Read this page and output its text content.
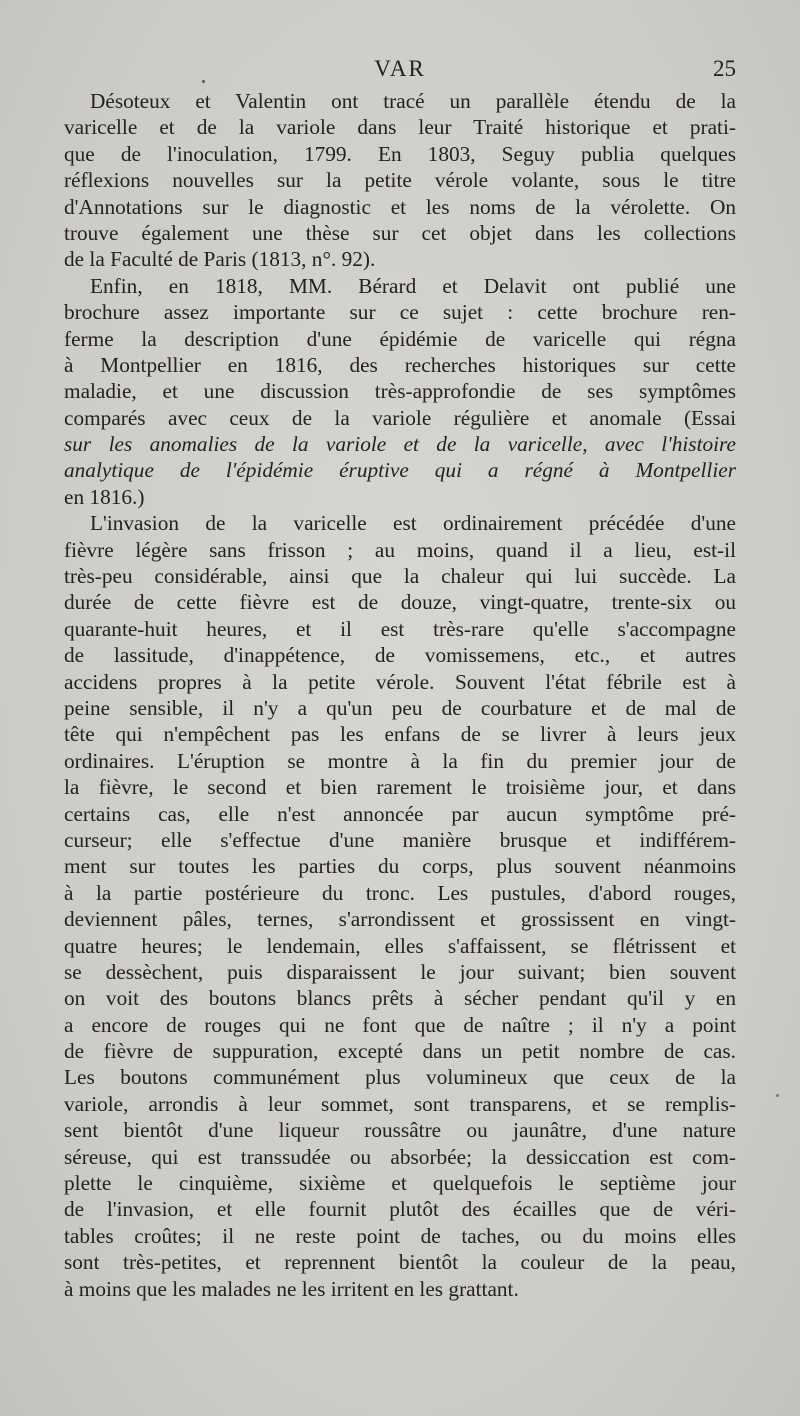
VAR	25

Désoteux et Valentin ont tracé un parallèle étendu de la
varicelle et de la variole dans leur Traité historique et prati-
que de l'inoculation, 1799. En 1803, Seguy publia quelques
réflexions nouvelles sur la petite vérole volante, sous le titre
d'Annotations sur le diagnostic et les noms de la vérolette. On
trouve également une thèse sur cet objet dans les collections
de la Faculté de Paris (1813, n°. 92).

Enfin, en 1818, MM. Bérard et Delavit ont publié une
brochure assez importante sur ce sujet : cette brochure ren-
ferme la description d'une épidémie de varicelle qui régna
à Montpellier en 1816, des recherches historiques sur cette
maladie, et une discussion très-approfondie de ses symptômes
comparés avec ceux de la variole régulière et anomale (Essai
sur les anomalies de la variole et de la varicelle, avec l'histoire
analytique de l'épidémie éruptive qui a régné à Montpellier
en 1816.)

L'invasion de la varicelle est ordinairement précédée d'une
fièvre légère sans frisson ; au moins, quand il a lieu, est-il
très-peu considérable, ainsi que la chaleur qui lui succède. La
durée de cette fièvre est de douze, vingt-quatre, trente-six ou
quarante-huit heures, et il est très-rare qu'elle s'accompagne
de lassitude, d'inappétence, de vomissemens, etc., et autres
accidens propres à la petite vérole. Souvent l'état fébrile est à
peine sensible, il n'y a qu'un peu de courbature et de mal de
tête qui n'empêchent pas les enfans de se livrer à leurs jeux
ordinaires. L'éruption se montre à la fin du premier jour de
la fièvre, le second et bien rarement le troisième jour, et dans
certains cas, elle n'est annoncée par aucun symptôme pré-
curseur; elle s'effectue d'une manière brusque et indifférem-
ment sur toutes les parties du corps, plus souvent néanmoins
à la partie postérieure du tronc. Les pustules, d'abord rouges,
deviennent pâles, ternes, s'arrondissent et grossissent en vingt-
quatre heures; le lendemain, elles s'affaissent, se flétrissent et
se dessèchent, puis disparaissent le jour suivant; bien souvent
on voit des boutons blancs prêts à sécher pendant qu'il y en
a encore de rouges qui ne font que de naître ; il n'y a point
de fièvre de suppuration, excepté dans un petit nombre de cas.
Les boutons communément plus volumineux que ceux de la
variole, arrondis à leur sommet, sont transparens, et se remplis-
sent bientôt d'une liqueur roussâtre ou jaunâtre, d'une nature
séreuse, qui est transsudée ou absorbée; la dessiccation est com-
plette le cinquième, sixième et quelquefois le septième jour
de l'invasion, et elle fournit plutôt des écailles que de véri-
tables croûtes; il ne reste point de taches, ou du moins elles
sont très-petites, et reprennent bientôt la couleur de la peau,
à moins que les malades ne les irritent en les grattant.
